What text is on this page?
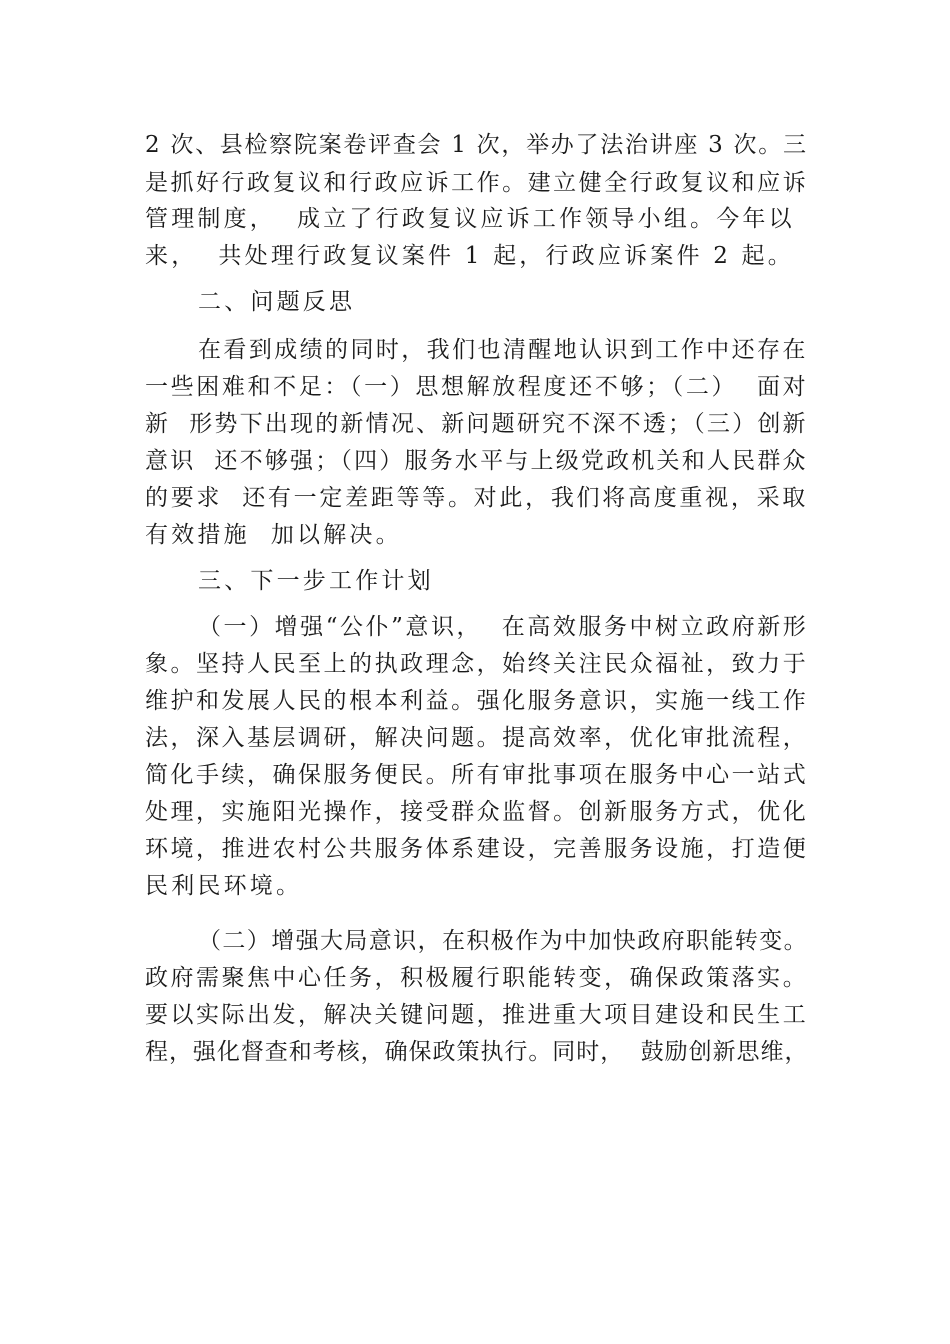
2 次、县检察院案卷评查会 1 次，举办了法治讲座 3 次。三
是抓好行政复议和行政应诉工作。建立健全行政复议和应诉
管理制度，  成立了行政复议应诉工作领导小组。今年以
来，  共处理行政复议案件 1 起，行政应诉案件 2 起。
二、问题反思
在看到成绩的同时，我们也清醒地认识到工作中还存在
一些困难和不足：（一）思想解放程度还不够；（二）  面对
新  形势下出现的新情况、新问题研究不深不透；（三）创新
意识  还不够强；（四）服务水平与上级党政机关和人民群众
的要求  还有一定差距等等。对此，我们将高度重视，采取
有效措施  加以解决。
三、下一步工作计划
（一）增强“公仆”意识，  在高效服务中树立政府新形
象。坚持人民至上的执政理念，始终关注民众福祉，致力于
维护和发展人民的根本利益。强化服务意识，实施一线工作
法，深入基层调研，解决问题。提高效率，优化审批流程，
简化手续，确保服务便民。所有审批事项在服务中心一站式
处理，实施阳光操作，接受群众监督。创新服务方式，优化
环境，推进农村公共服务体系建设，完善服务设施，打造便
民利民环境。
（二）增强大局意识，在积极作为中加快政府职能转变。
政府需聚焦中心任务，积极履行职能转变，确保政策落实。
要以实际出发，解决关键问题，推进重大项目建设和民生工
程，强化督查和考核，确保政策执行。同时，  鼓励创新思维，
